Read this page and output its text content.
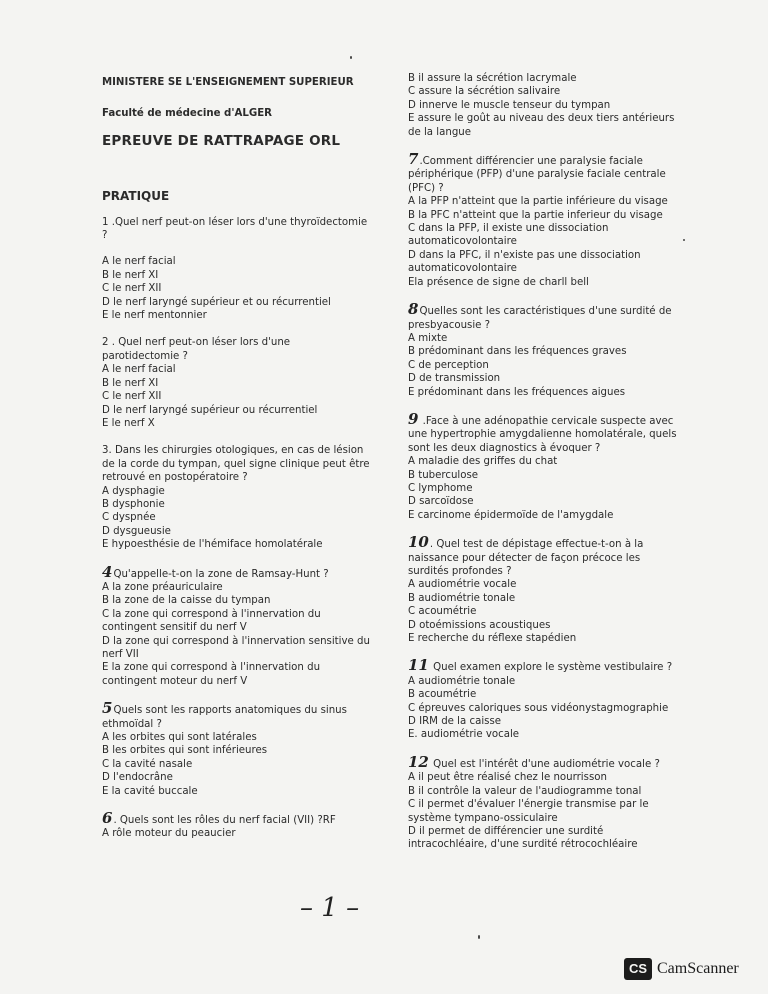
MINISTERE SE L'ENSEIGNEMENT SUPERIEUR
Faculté de médecine d'ALGER
EPREUVE DE RATTRAPAGE ORL
PRATIQUE
1 .Quel nerf peut-on léser lors d'une thyroïdectomie ?
A le nerf facial
B le nerf XI
C le nerf XII
D le nerf laryngé supérieur et ou récurrentiel
E le nerf mentonnier
2 . Quel nerf peut-on léser lors d'une parotidectomie ?
A le nerf facial
B le nerf XI
C le nerf XII
D le nerf laryngé supérieur ou récurrentiel
E le nerf X
3. Dans les chirurgies otologiques, en cas de lésion de la corde du tympan, quel signe clinique peut être retrouvé en postopératoire ?
A dysphagie
B dysphonie
C dyspnée
D dysgueusie
E hypoesthésie de l'hémiface homolatérale
4Qu'appelle-t-on la zone de Ramsay-Hunt ?
A la zone préauriculaire
B la zone de la caisse du tympan
C la zone qui correspond à l'innervation du contingent sensitif du nerf V
D la zone qui correspond à l'innervation sensitive du nerf VII
E la zone qui correspond à l'innervation du contingent moteur du nerf V
5Quels sont les rapports anatomiques du sinus ethmoïdal ?
A les orbites qui sont latérales
B les orbites qui sont inférieures
C la cavité nasale
D l'endocrâne
E la cavité buccale
6. Quels sont les rôles du nerf facial (VII) ?RF
A rôle moteur du peaucier
B il assure la sécrétion lacrymale
C assure la sécrétion salivaire
D innerve le muscle tenseur du tympan
E assure le goût au niveau des deux tiers antérieurs de la langue
7.Comment différencier une paralysie faciale périphérique (PFP) d'une paralysie faciale centrale (PFC) ?
A la PFP n'atteint que la partie inférieure du visage
B la PFC n'atteint que la partie inferieur du visage
C dans la PFP, il existe une dissociation automaticovolontaire
D dans la PFC, il n'existe pas une dissociation automaticovolontaire
Ela présence de signe de charll bell
8Quelles sont les caractéristiques d'une surdité de presbyacousie ?
A mixte
B prédominant dans les fréquences graves
C de perception
D de transmission
E prédominant dans les fréquences aigues
9 .Face à une adénopathie cervicale suspecte avec une hypertrophie amygdalienne homolatérale, quels sont les deux diagnostics à évoquer ?
A maladie des griffes du chat
B tuberculose
C lymphome
D sarcoïdose
E carcinome épidermoïde de l'amygdale
10. Quel test de dépistage effectue-t-on à la naissance pour détecter de façon précoce les surdités profondes ?
A audiométrie vocale
B audiométrie tonale
C acoumétrie
D otoémissions acoustiques
E recherche du réflexe stapédien
11 Quel examen explore le système vestibulaire ?
A audiométrie tonale
B acoumétrie
C épreuves caloriques sous vidéonystagmographie
D IRM de la caisse
E. audiométrie vocale
12 Quel est l'intérêt d'une audiométrie vocale ?
A il peut être réalisé chez le nourrisson
B il contrôle la valeur de l'audiogramme tonal
C il permet d'évaluer l'énergie transmise par le système tympano-ossiculaire
D il permet de différencier une surdité intracochléaire, d'une surdité rétrocochléaire
– 1 –
CS CamScanner
